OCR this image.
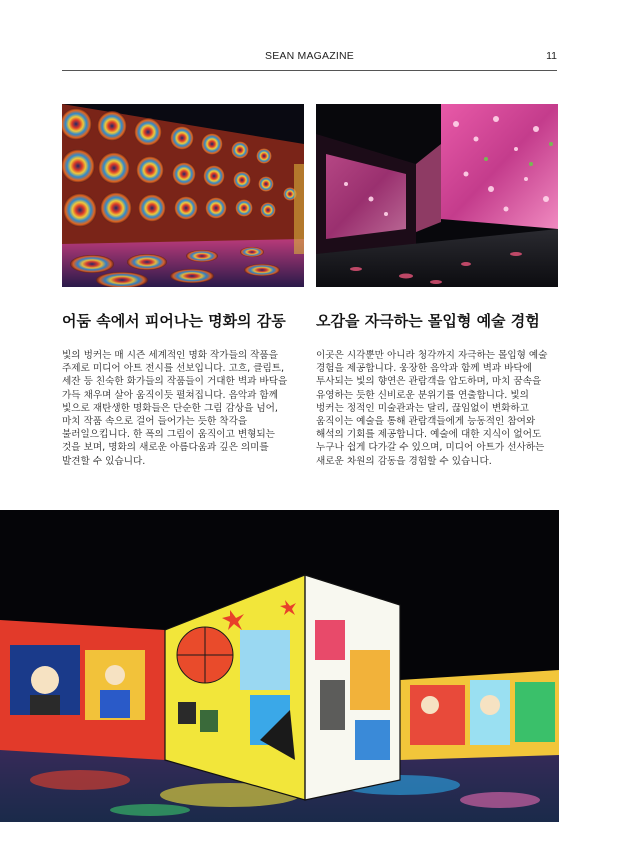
SEAN MAGAZINE	11
어둠 속에서 피어나는 명화의 감동 오감을 자극하는 몰입형 예술 경험
빛의 벙커는 매 시즌 세계적인 명화 작가들의 작품을
주제로 미디어 아트 전시를 선보입니다. 고흐, 클림트,
세잔 등 친숙한 화가들의 작품들이 거대한 벽과 바닥을
가득 채우며 살아 움직이듯 펼쳐집니다. 음악과 함께
빛으로 재탄생한 명화들은 단순한 그림 감상을 넘어,
마치 작품 속으로 걸어 들어가는 듯한 착각을
불러일으킵니다. 한 폭의 그림이 움직이고 변형되는
것을 보며, 명화의 새로운 아름다움과 깊은 의미를
발견할 수 있습니다.
이곳은 시각뿐만 아니라 청각까지 자극하는 몰입형 예술
경험을 제공합니다. 웅장한 음악과 함께 벽과 바닥에
투사되는 빛의 향연은 관람객을 압도하며, 마치 꿈속을
유영하는 듯한 신비로운 분위기를 연출합니다. 빛의
벙커는 정적인 미술관과는 달리, 끊임없이 변화하고
움직이는 예술을 통해 관람객들에게 능동적인 참여와
해석의 기회를 제공합니다. 예술에 대한 지식이 없어도
누구나 쉽게 다가갈 수 있으며, 미디어 아트가 선사하는
새로운 차원의 감동을 경험할 수 있습니다.
